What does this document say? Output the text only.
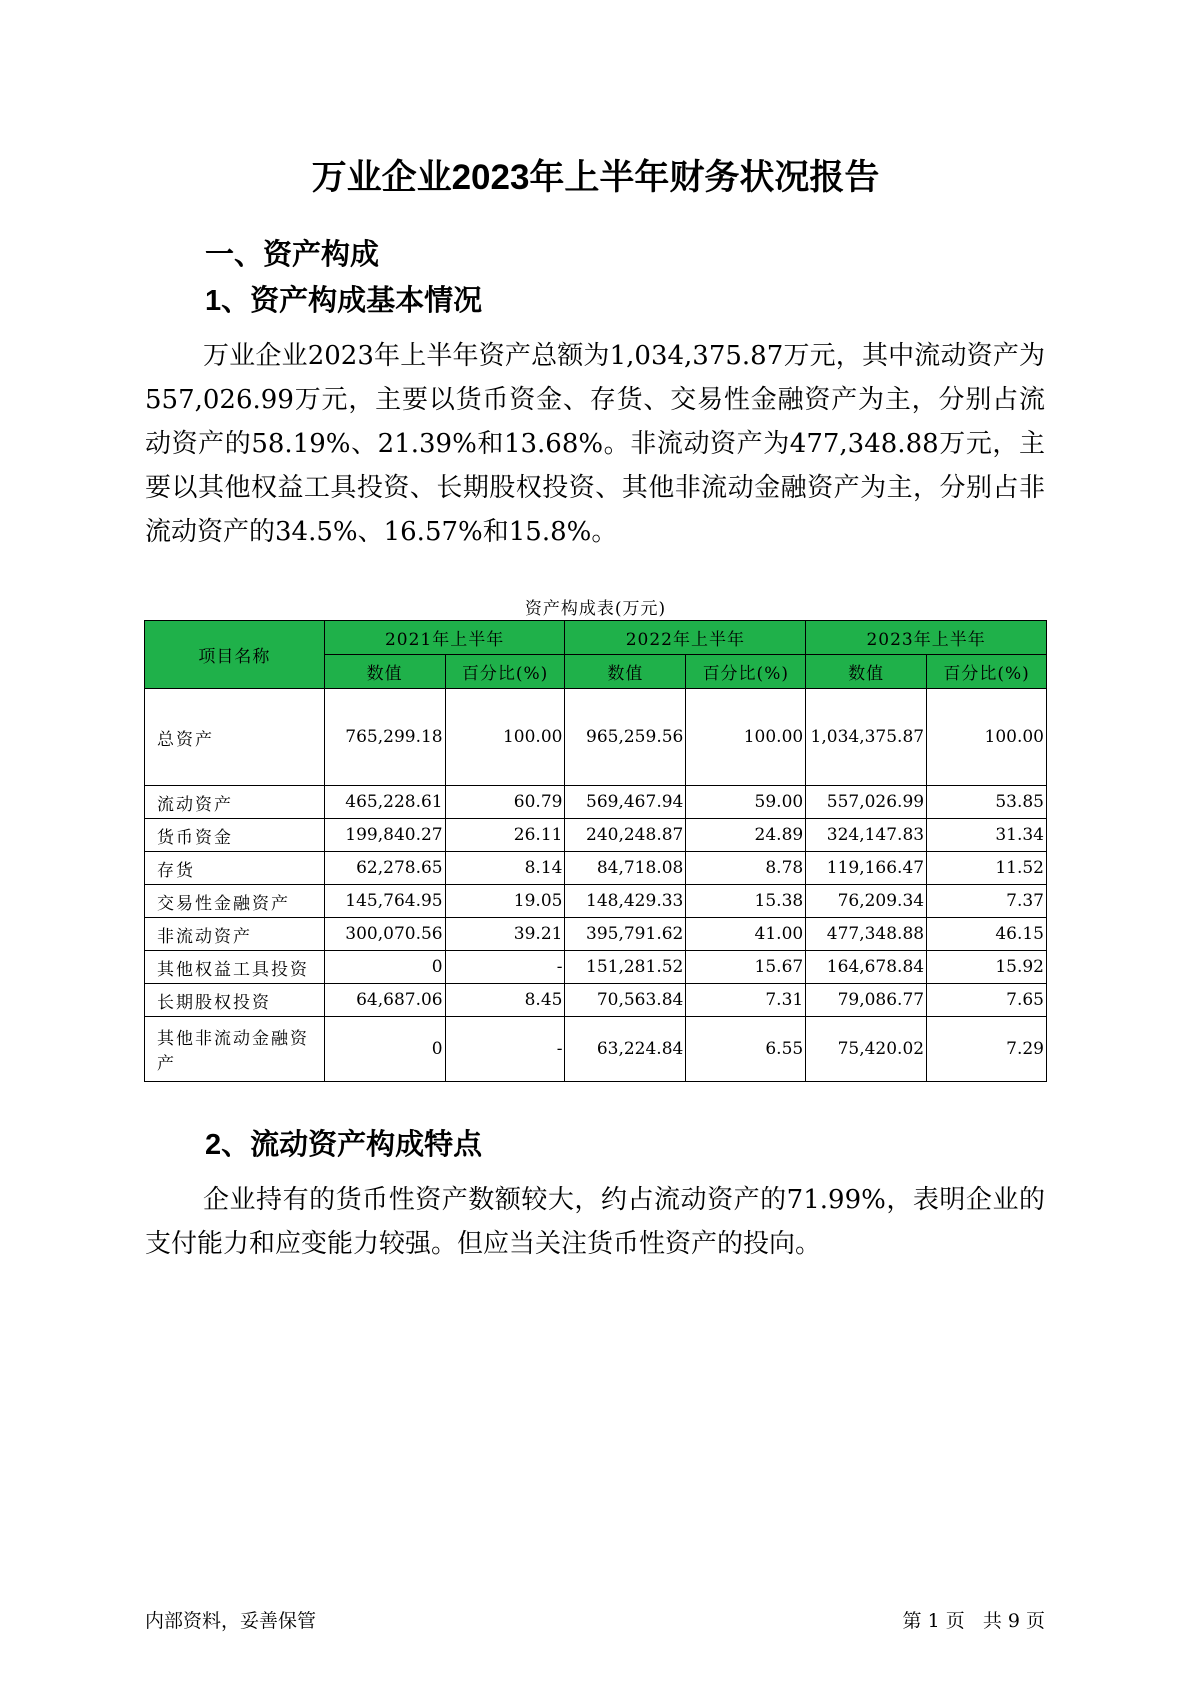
万业企业2023年上半年财务状况报告
一、资产构成
1、资产构成基本情况

万业企业2023年上半年资产总额为1,034,375.87万元，其中流动资产为557,026.99万元，主要以货币资金、存货、交易性金融资产为主，分别占流动资产的58.19%、21.39%和13.68%。非流动资产为477,348.88万元，主要以其他权益工具投资、长期股权投资、其他非流动金融资产为主，分别占非流动资产的34.5%、16.57%和15.8%。

资产构成表(万元)
项目名称	2021年上半年		2022年上半年		2023年上半年	
	数值	百分比(%)	数值	百分比(%)	数值	百分比(%)
总资产	765,299.18	100.00	965,259.56	100.00	1,034,375.87	100.00
流动资产	465,228.61	60.79	569,467.94	59.00	557,026.99	53.85
货币资金	199,840.27	26.11	240,248.87	24.89	324,147.83	31.34
存货	62,278.65	8.14	84,718.08	8.78	119,166.47	11.52
交易性金融资产	145,764.95	19.05	148,429.33	15.38	76,209.34	7.37
非流动资产	300,070.56	39.21	395,791.62	41.00	477,348.88	46.15
其他权益工具投资	0	-	151,281.52	15.67	164,678.84	15.92
长期股权投资	64,687.06	8.45	70,563.84	7.31	79,086.77	7.65
其他非流动金融资产	0	-	63,224.84	6.55	75,420.02	7.29
2、流动资产构成特点

企业持有的货币性资产数额较大，约占流动资产的71.99%，表明企业的支付能力和应变能力较强。但应当关注货币性资产的投向。

内部资料，妥善保管	第 1 页   共 9 页
